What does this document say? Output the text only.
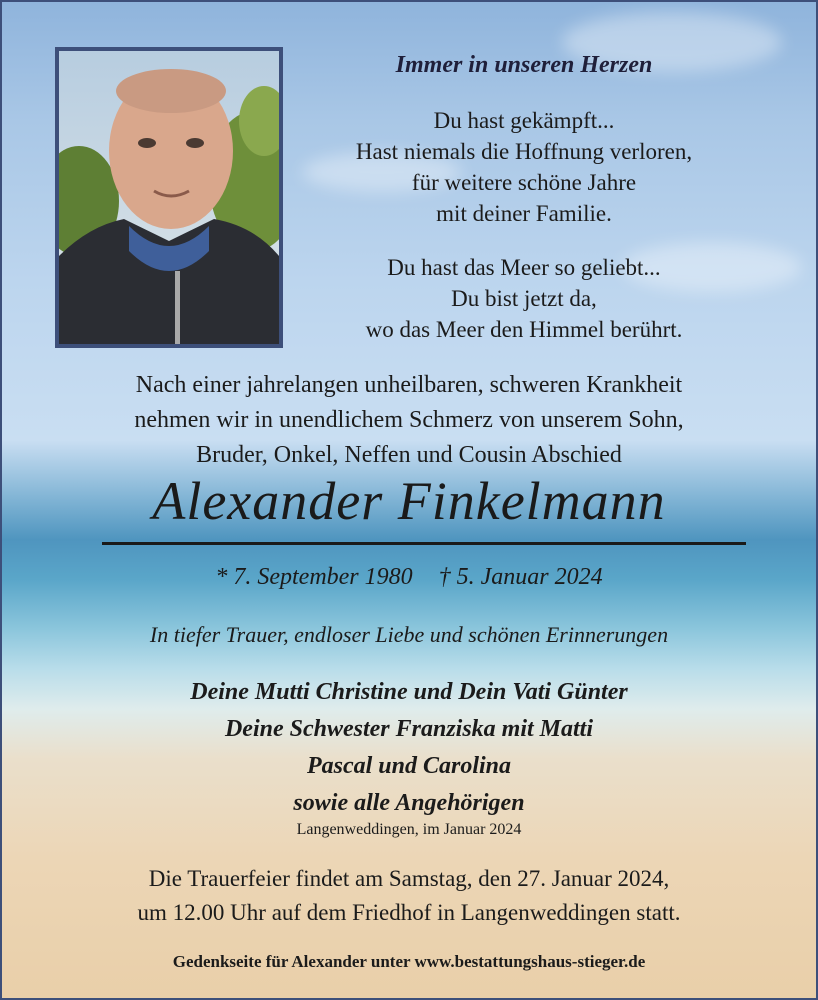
Immer in unseren Herzen
Du hast gekämpft...
Hast niemals die Hoffnung verloren,
für weitere schöne Jahre
mit deiner Familie.
Du hast das Meer so geliebt...
Du bist jetzt da,
wo das Meer den Himmel berührt.
Nach einer jahrelangen unheilbaren, schweren Krankheit
nehmen wir in unendlichem Schmerz von unserem Sohn,
Bruder, Onkel, Neffen und Cousin Abschied
Alexander Finkelmann
* 7. September 1980 † 5. Januar 2024
In tiefer Trauer, endloser Liebe und schönen Erinnerungen
Deine Mutti Christine und Dein Vati Günter
Deine Schwester Franziska mit Matti
Pascal und Carolina
sowie alle Angehörigen
Langenweddingen, im Januar 2024
Die Trauerfeier findet am Samstag, den 27. Januar 2024,
um 12.00 Uhr auf dem Friedhof in Langenweddingen statt.
Gedenkseite für Alexander unter www.bestattungshaus-stieger.de
